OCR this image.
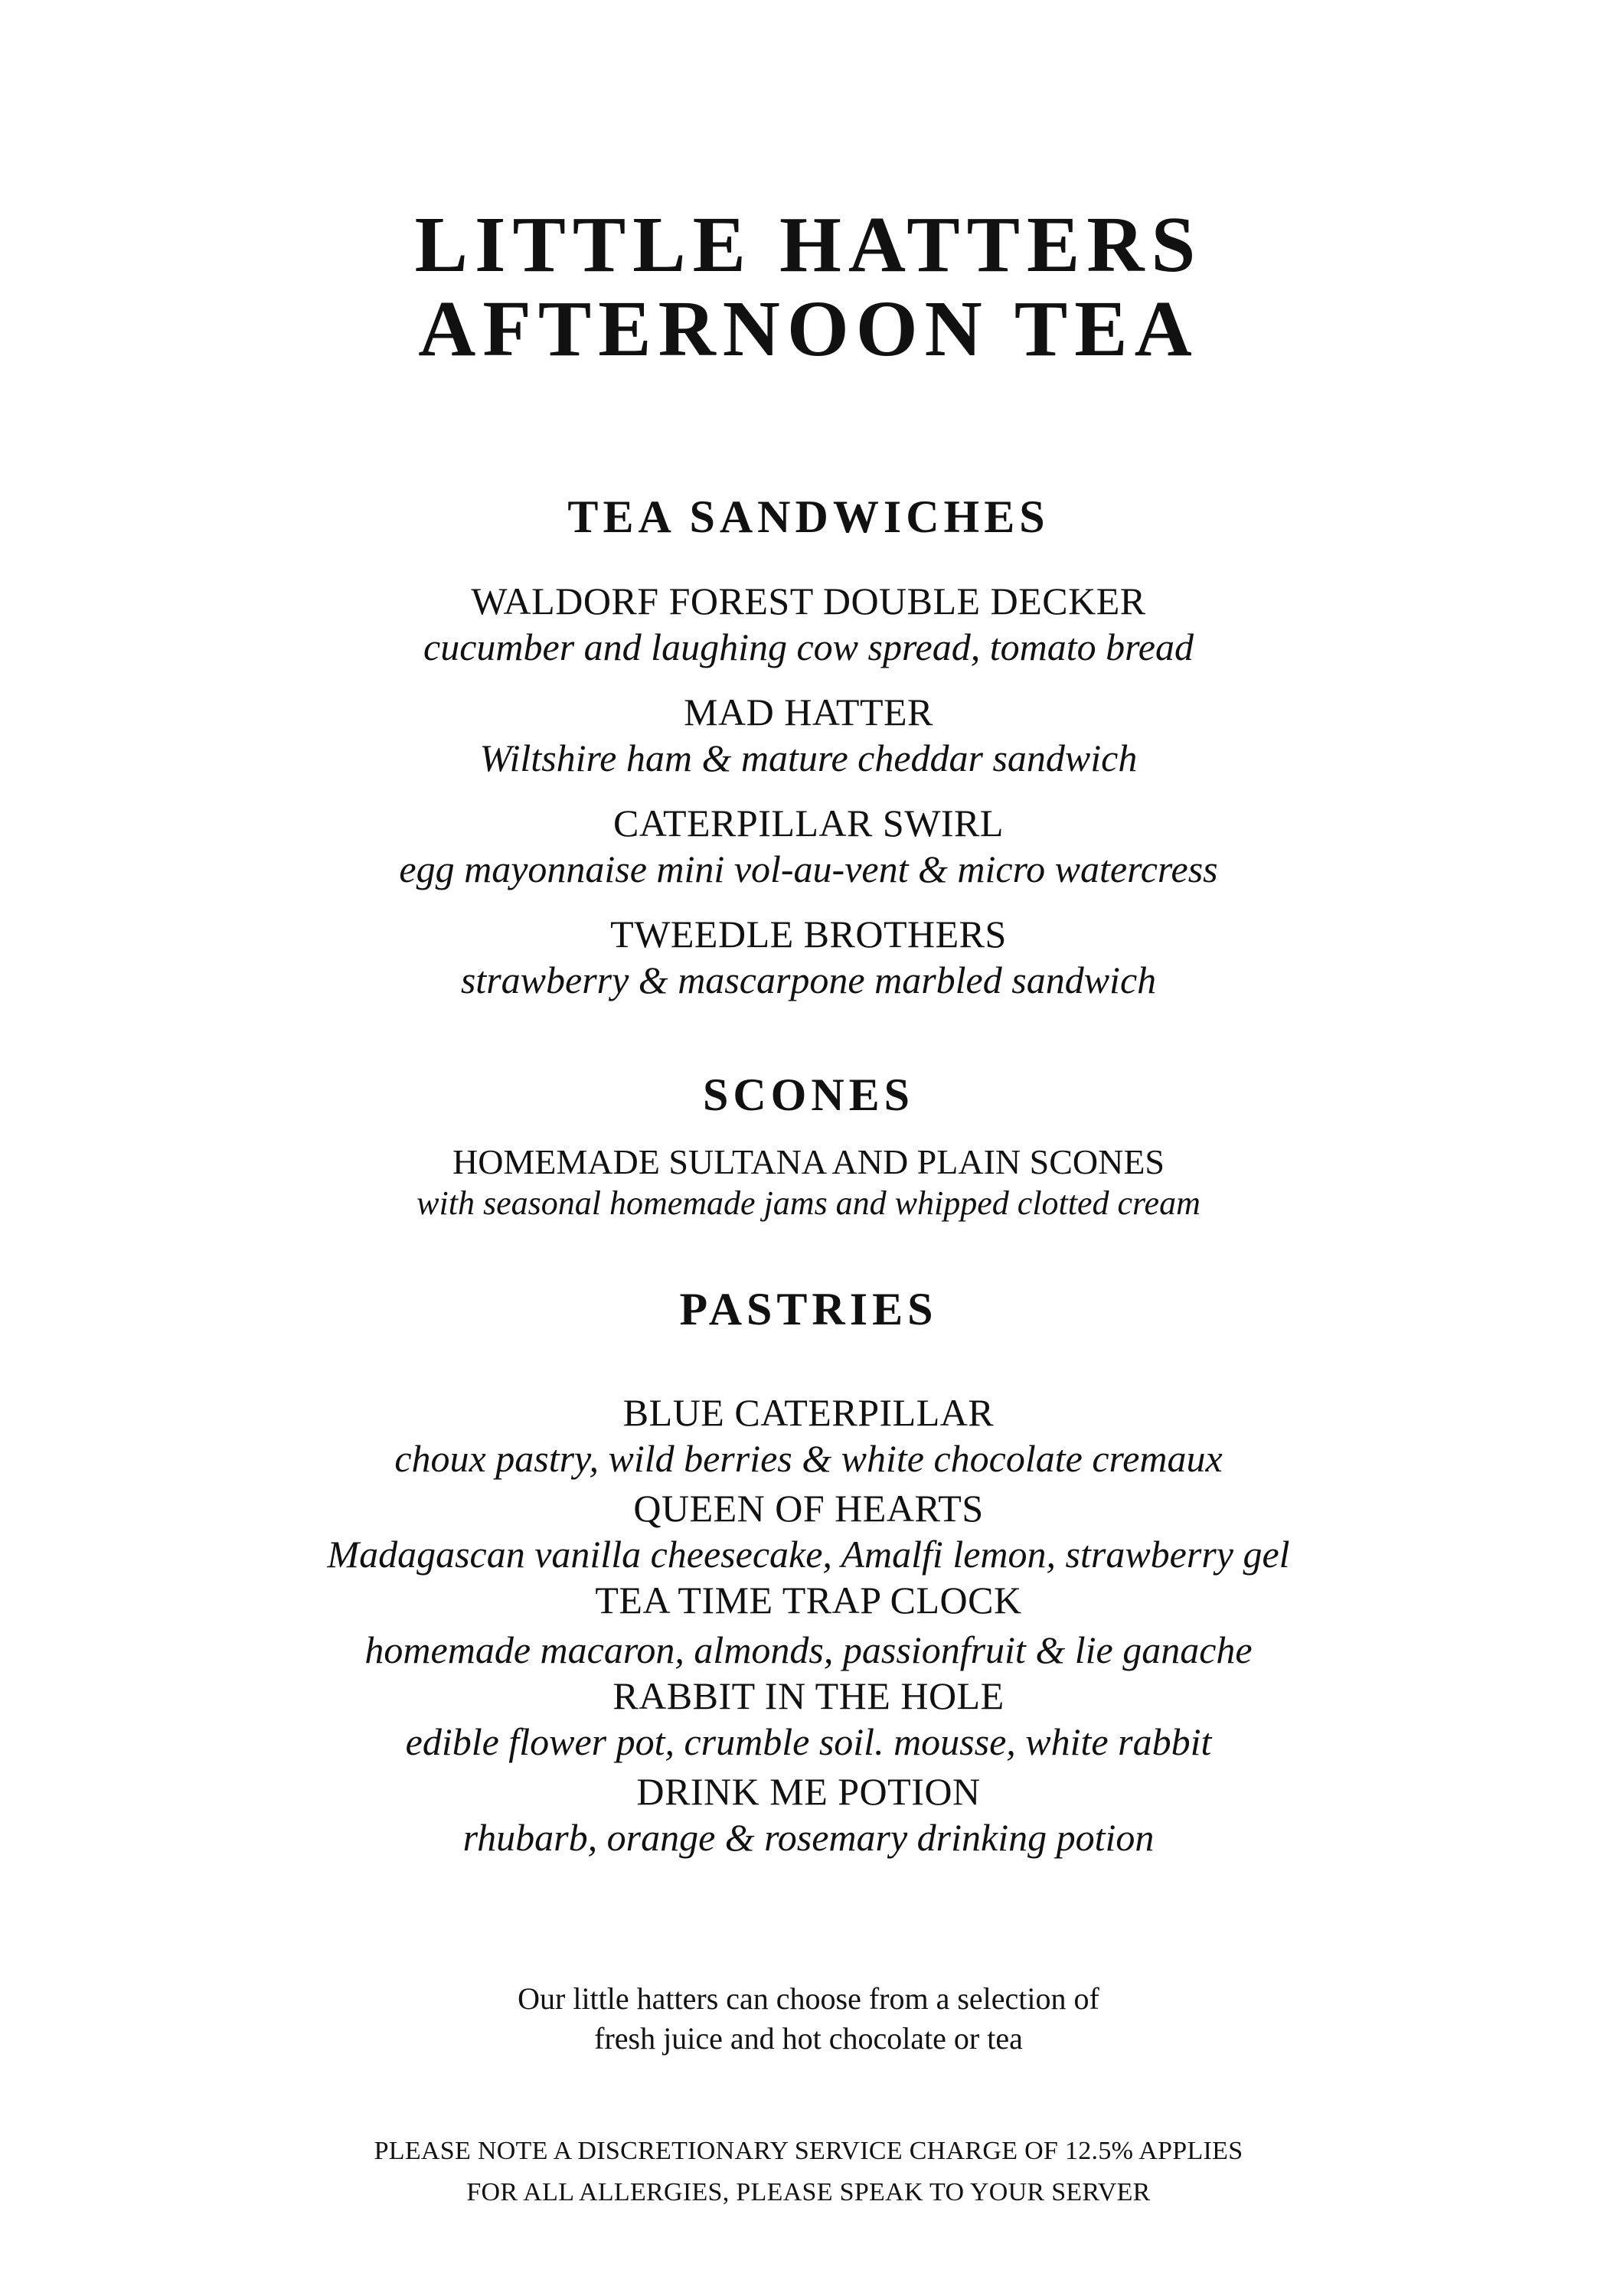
LITTLE HATTERS
AFTERNOON TEA
TEA SANDWICHES
WALDORF FOREST DOUBLE DECKER
cucumber and laughing cow spread, tomato bread
MAD HATTER
Wiltshire ham & mature cheddar sandwich
CATERPILLAR SWIRL
egg mayonnaise mini vol-au-vent & micro watercress
TWEEDLE BROTHERS
strawberry & mascarpone marbled sandwich
SCONES
HOMEMADE SULTANA AND PLAIN SCONES
with seasonal homemade jams and whipped clotted cream
PASTRIES
BLUE CATERPILLAR
choux pastry, wild berries & white chocolate cremaux
QUEEN OF HEARTS
Madagascan vanilla cheesecake, Amalfi lemon, strawberry gel
TEA TIME TRAP CLOCK
homemade macaron, almonds, passionfruit & lie ganache
RABBIT IN THE HOLE
edible flower pot, crumble soil. mousse, white rabbit
DRINK ME POTION
rhubarb, orange & rosemary drinking potion
Our little hatters can choose from a selection of
fresh juice and hot chocolate or tea
PLEASE NOTE A DISCRETIONARY SERVICE CHARGE OF 12.5% APPLIES
FOR ALL ALLERGIES, PLEASE SPEAK TO YOUR SERVER
